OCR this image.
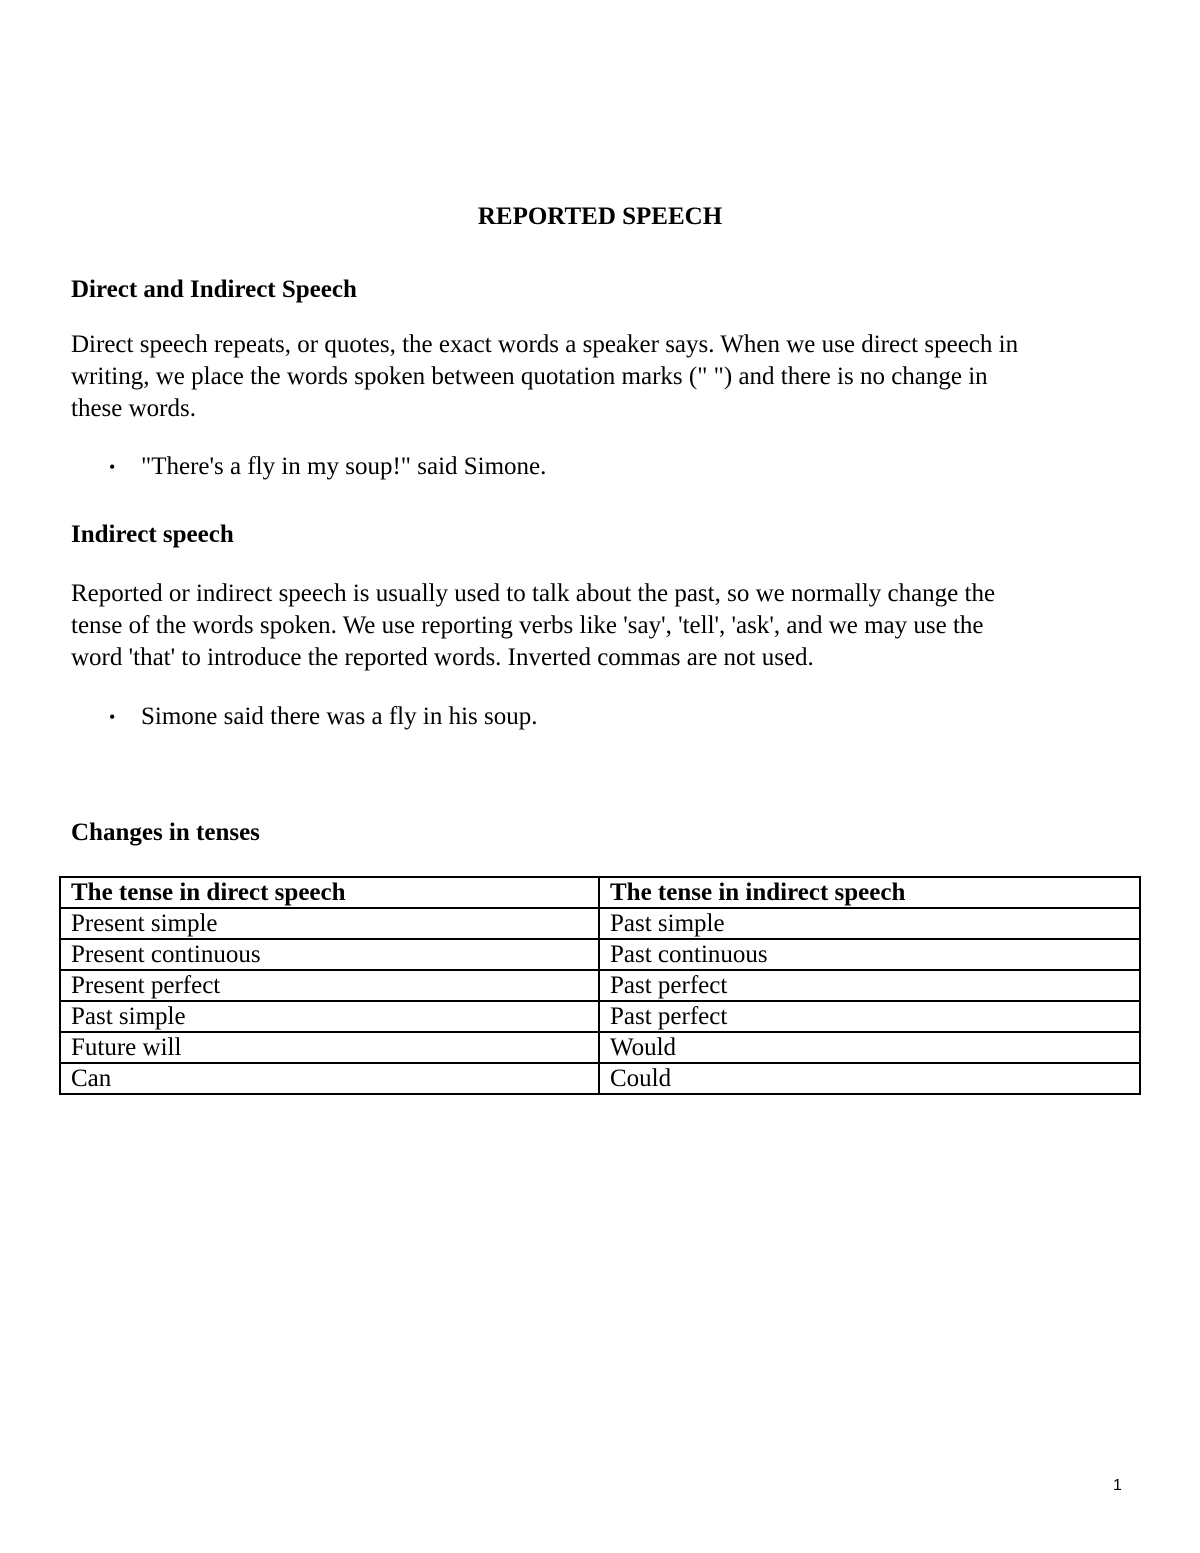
REPORTED SPEECH
Direct and Indirect Speech
Direct speech repeats, or quotes, the exact words a speaker says. When we use direct speech in
writing, we place the words spoken between quotation marks (" ") and there is no change in
these words.
•	"There's a fly in my soup!" said Simone.
Indirect speech
Reported or indirect speech is usually used to talk about the past, so we normally change the
tense of the words spoken. We use reporting verbs like 'say', 'tell', 'ask', and we may use the
word 'that' to introduce the reported words. Inverted commas are not used.
•	Simone said there was a fly in his soup.
Changes in tenses
The tense in direct speech	The tense in indirect speech
Present simple	Past simple
Present continuous	Past continuous
Present perfect	Past perfect
Past simple	Past perfect
Future will	Would
Can	Could
1
